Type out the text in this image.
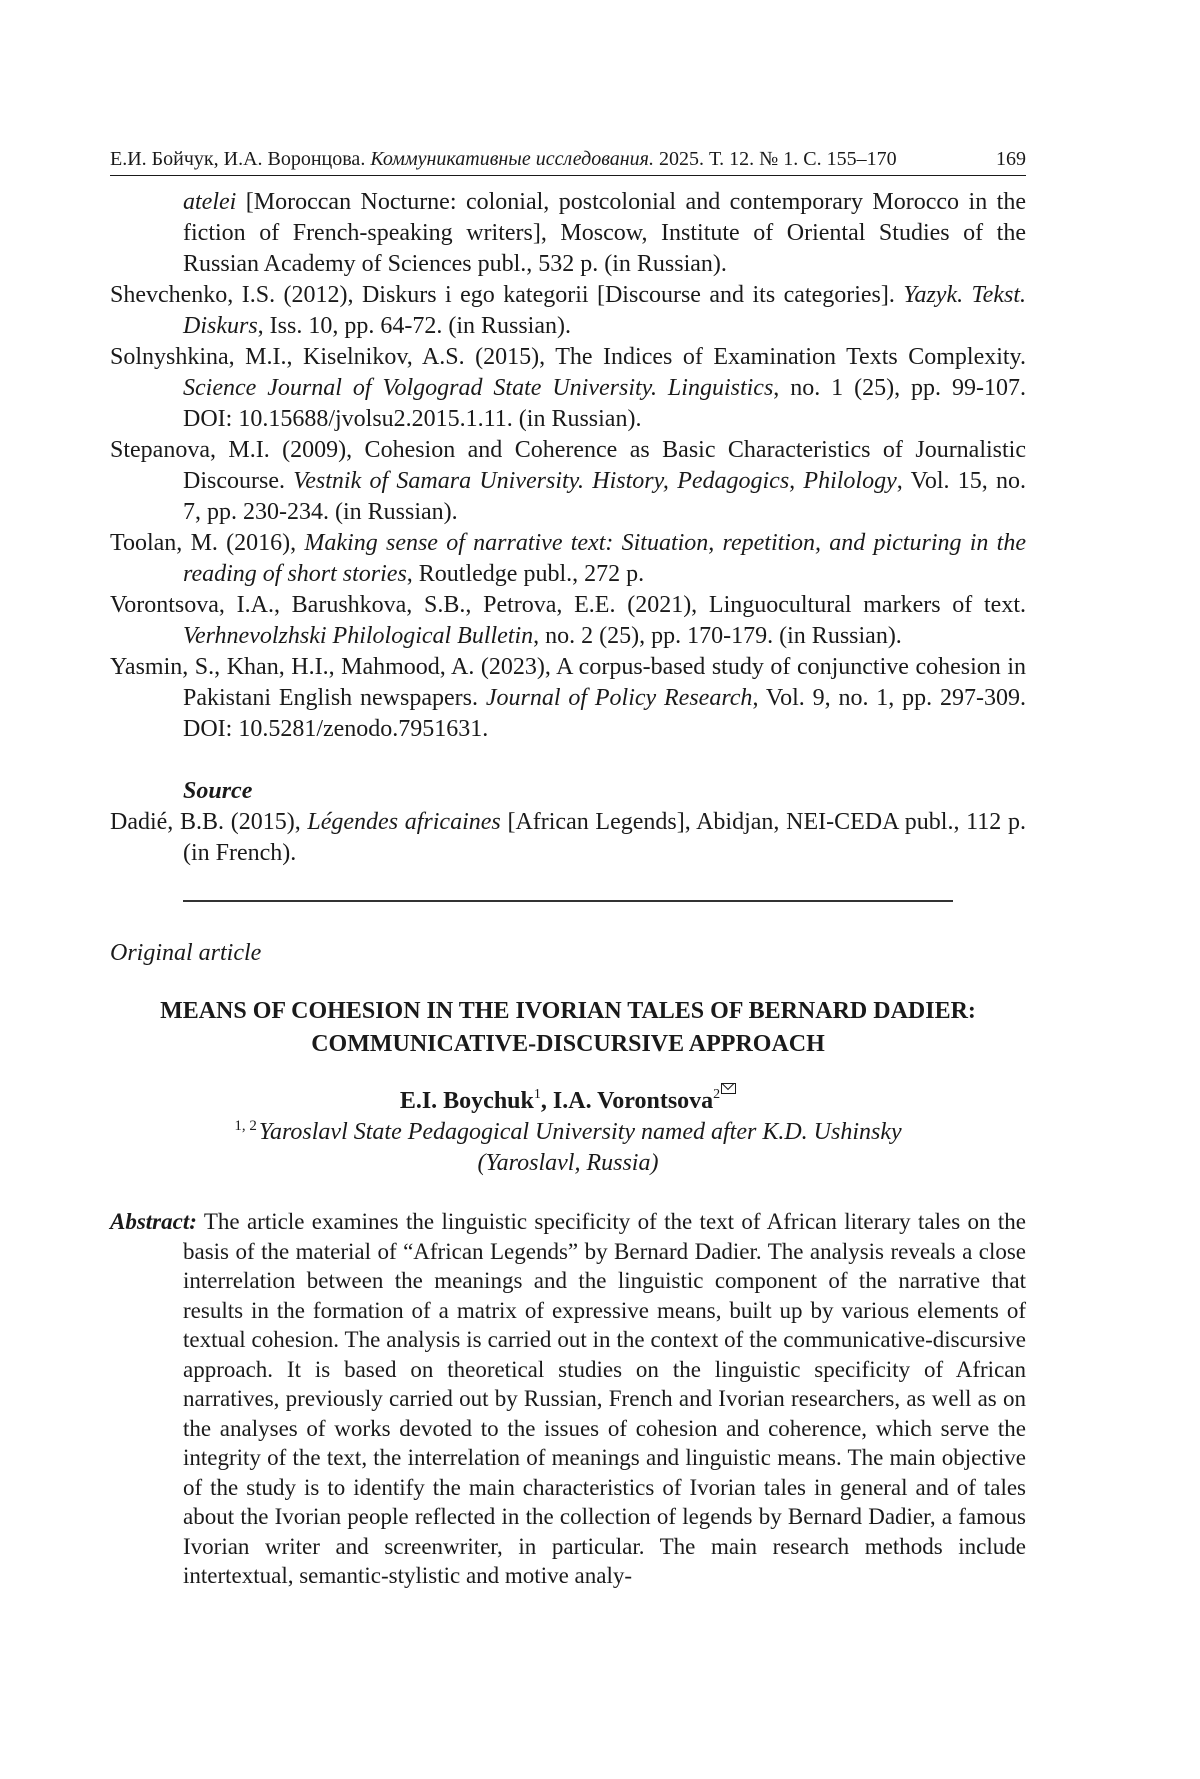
Е.И. Бойчук, И.А. Воронцова. Коммуникативные исследования. 2025. Т. 12. № 1. С. 155–170	169
atelei [Moroccan Nocturne: colonial, postcolonial and contemporary Morocco in the fiction of French-speaking writers], Moscow, Institute of Oriental Studies of the Russian Academy of Sciences publ., 532 p. (in Russian).
Shevchenko, I.S. (2012), Diskurs i ego kategorii [Discourse and its categories]. Yazyk. Tekst. Diskurs, Iss. 10, pp. 64-72. (in Russian).
Solnyshkina, M.I., Kiselnikov, A.S. (2015), The Indices of Examination Texts Complexity. Science Journal of Volgograd State University. Linguistics, no. 1 (25), pp. 99-107. DOI: 10.15688/jvolsu2.2015.1.11. (in Russian).
Stepanova, M.I. (2009), Cohesion and Coherence as Basic Characteristics of Journalistic Discourse. Vestnik of Samara University. History, Pedagogics, Philology, Vol. 15, no. 7, pp. 230-234. (in Russian).
Toolan, M. (2016), Making sense of narrative text: Situation, repetition, and picturing in the reading of short stories, Routledge publ., 272 p.
Vorontsova, I.A., Barushkova, S.B., Petrova, E.E. (2021), Linguocultural markers of text. Verhnevolzhski Philological Bulletin, no. 2 (25), pp. 170-179. (in Russian).
Yasmin, S., Khan, H.I., Mahmood, A. (2023), A corpus-based study of conjunctive cohesion in Pakistani English newspapers. Journal of Policy Research, Vol. 9, no. 1, pp. 297-309. DOI: 10.5281/zenodo.7951631.
Source
Dadié, B.B. (2015), Légendes africaines [African Legends], Abidjan, NEI-CEDA publ., 112 p. (in French).
Original article
MEANS OF COHESION IN THE IVORIAN TALES OF BERNARD DADIER:
COMMUNICATIVE-DISCURSIVE APPROACH
E.I. Boychuk$^1$, I.A. Vorontsova$^2$
$^{1, 2}$Yaroslavl State Pedagogical University named after K.D. Ushinsky
(Yaroslavl, Russia)
Abstract: The article examines the linguistic specificity of the text of African literary tales on the basis of the material of “African Legends” by Bernard Dadier. The analysis reveals a close interrelation between the meanings and the linguistic component of the narrative that results in the formation of a matrix of expressive means, built up by various elements of textual cohesion. The analysis is carried out in the context of the communicative-discursive approach. It is based on theoretical studies on the linguistic specificity of African narratives, previously carried out by Russian, French and Ivorian researchers, as well as on the analyses of works devoted to the issues of cohesion and coherence, which serve the integrity of the text, the interrelation of meanings and linguistic means. The main objective of the study is to identify the main characteristics of Ivorian tales in general and of tales about the Ivorian people reflected in the collection of legends by Bernard Dadier, a famous Ivorian writer and screenwriter, in particular. The main research methods include intertextual, semantic-stylistic and motive analy-
